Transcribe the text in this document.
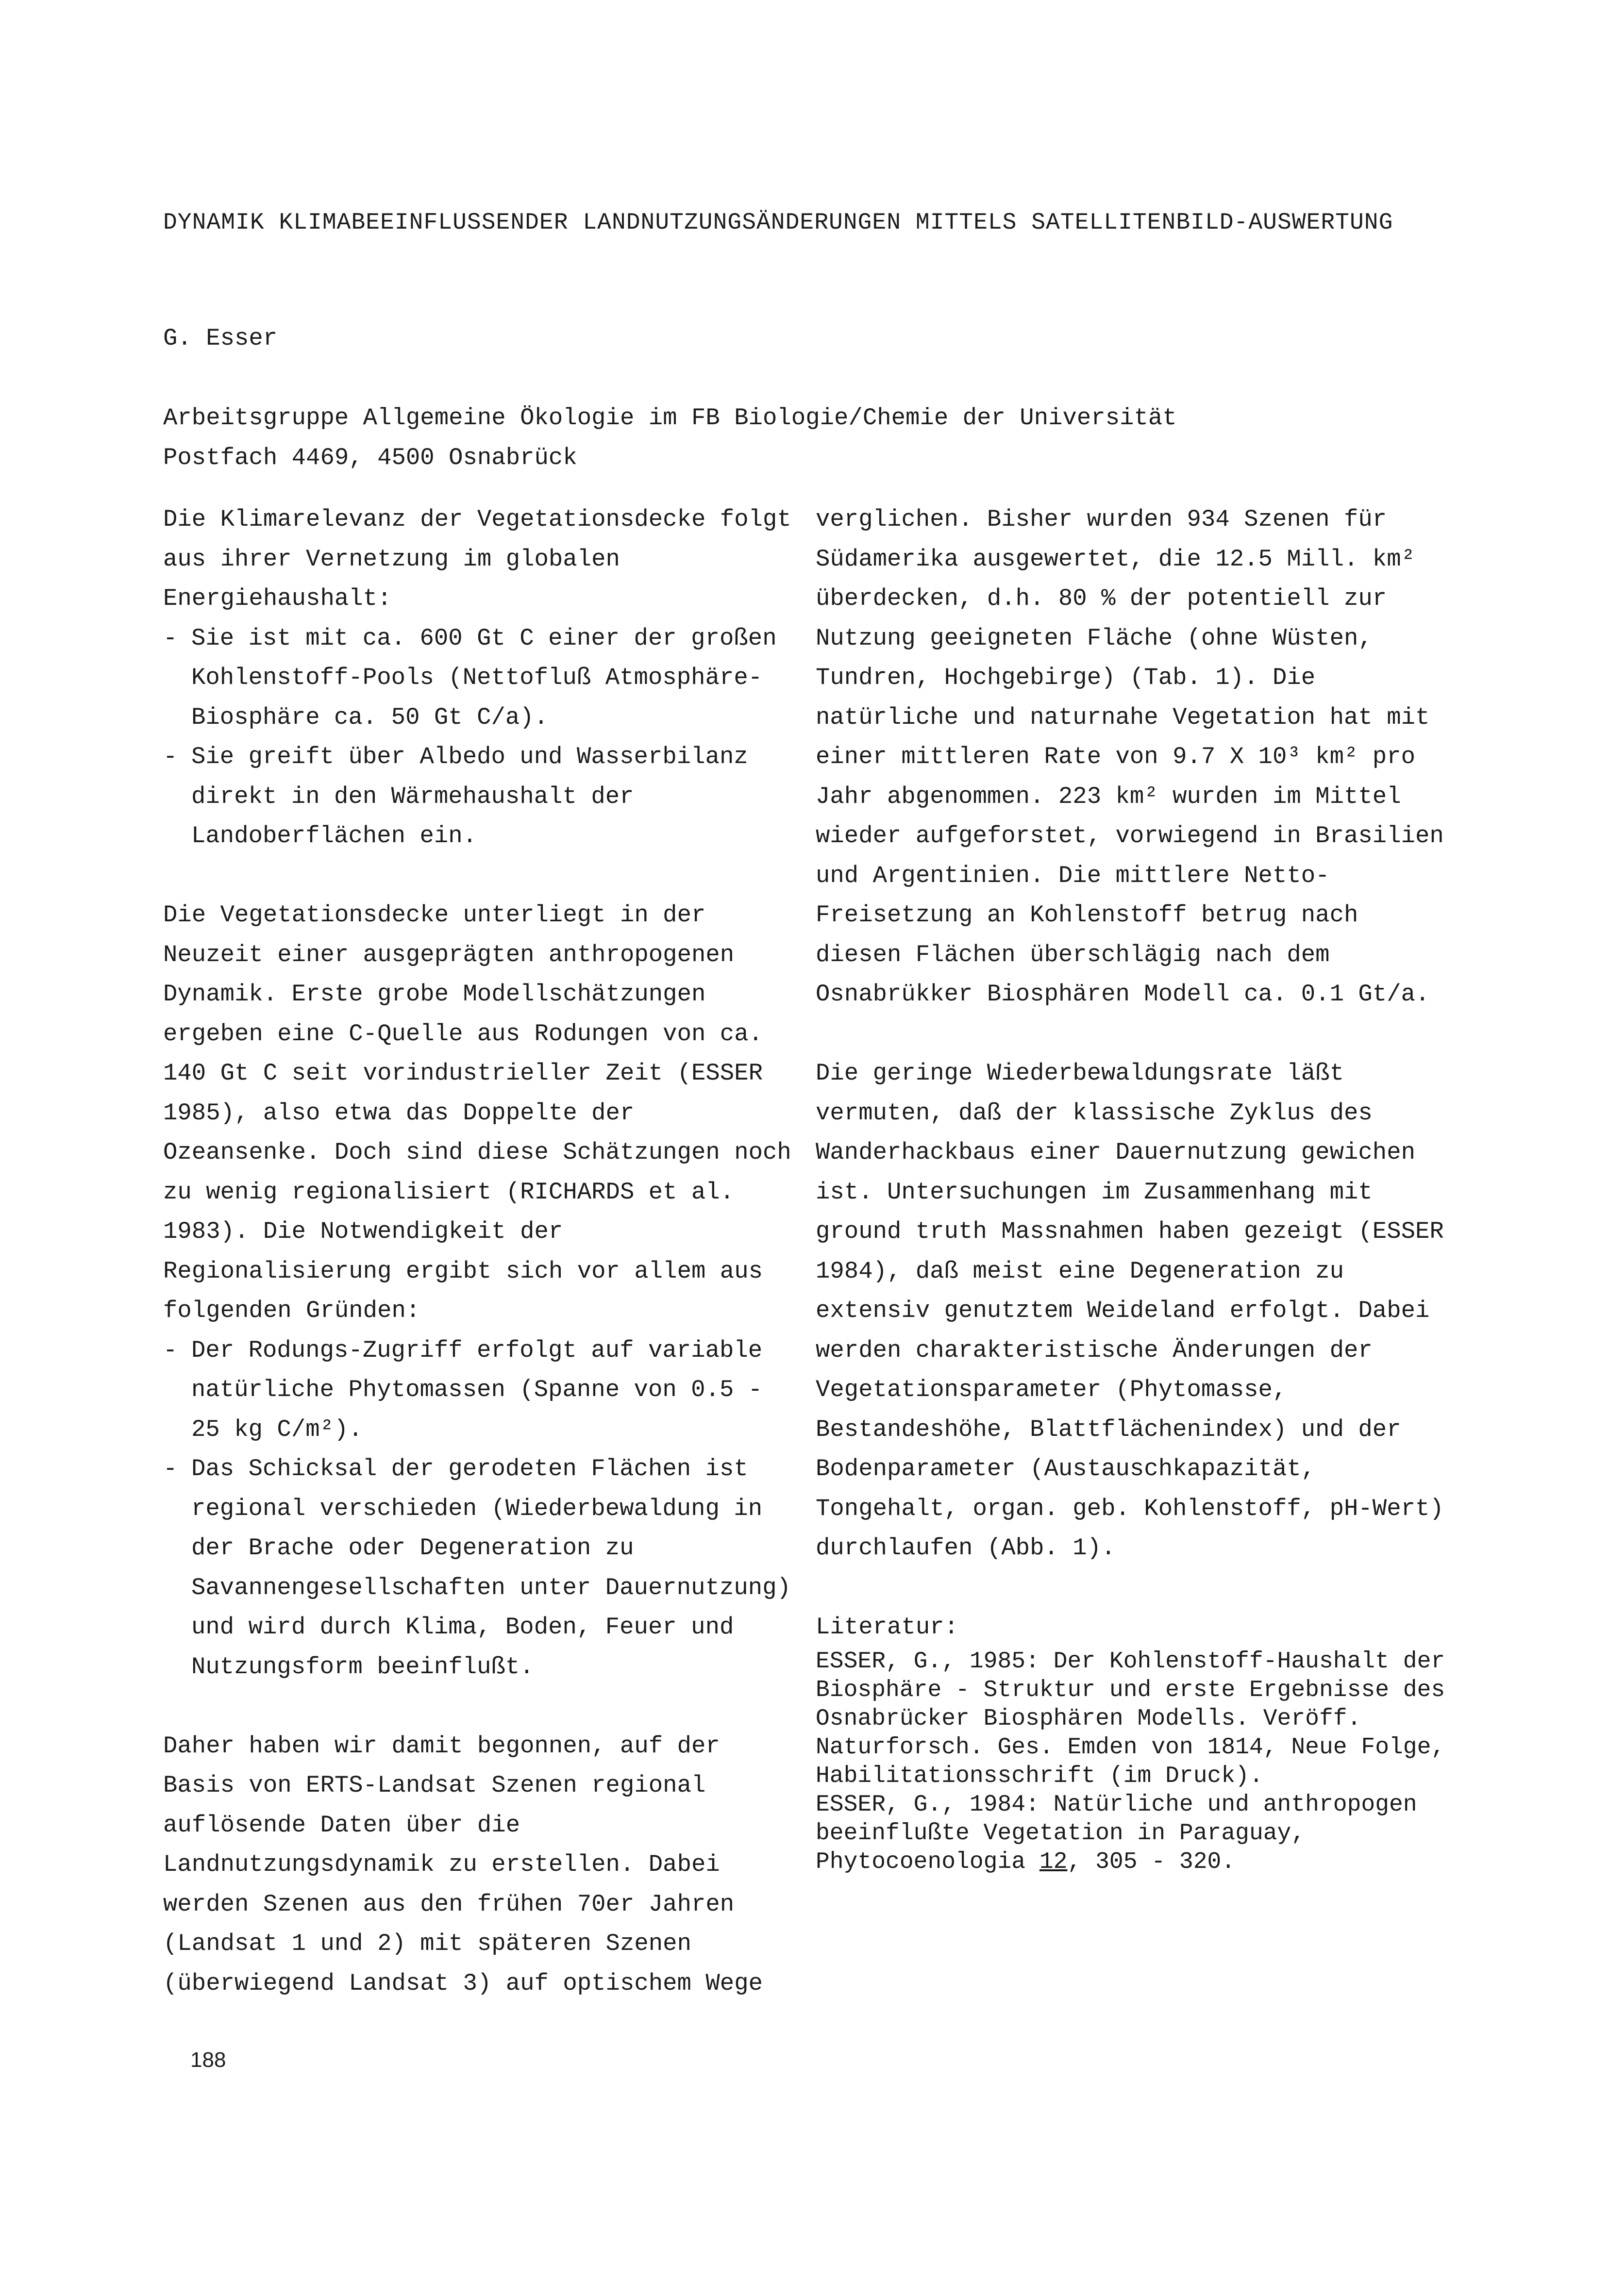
DYNAMIK KLIMABEEINFLUSSENDER LANDNUTZUNGSÄNDERUNGEN MITTELS SATELLITENBILD-AUSWERTUNG

G. Esser

Arbeitsgruppe Allgemeine Ökologie im FB Biologie/Chemie der Universität
Postfach 4469, 4500 Osnabrück

Die Klimarelevanz der Vegetationsdecke folgt aus ihrer Vernetzung im globalen Energiehaushalt:

- Sie ist mit ca. 600 Gt C einer der großen Kohlenstoff-Pools (Nettofluß Atmosphäre-Biosphäre ca. 50 Gt C/a).
- Sie greift über Albedo und Wasserbilanz direkt in den Wärmehaushalt der Landoberflächen ein.

Die Vegetationsdecke unterliegt in der Neuzeit einer ausgeprägten anthropogenen Dynamik. Erste grobe Modellschätzungen ergeben eine C-Quelle aus Rodungen von ca. 140 Gt C seit vorindustrieller Zeit (ESSER 1985), also etwa das Doppelte der Ozeansenke. Doch sind diese Schätzungen noch zu wenig regionalisiert (RICHARDS et al. 1983). Die Notwendigkeit der Regionalisierung ergibt sich vor allem aus folgenden Gründen:

- Der Rodungs-Zugriff erfolgt auf variable natürliche Phytomassen (Spanne von 0.5 - 25 kg C/m²).
- Das Schicksal der gerodeten Flächen ist regional verschieden (Wiederbewaldung in der Brache oder Degeneration zu Savannengesellschaften unter Dauernutzung) und wird durch Klima, Boden, Feuer und Nutzungsform beeinflußt.

Daher haben wir damit begonnen, auf der Basis von ERTS-Landsat Szenen regional auflösende Daten über die Landnutzungsdynamik zu erstellen. Dabei werden Szenen aus den frühen 70er Jahren (Landsat 1 und 2) mit späteren Szenen (überwiegend Landsat 3) auf optischem Wege

verglichen. Bisher wurden 934 Szenen für Südamerika ausgewertet, die 12.5 Mill. km² überdecken, d.h. 80 % der potentiell zur Nutzung geeigneten Fläche (ohne Wüsten, Tundren, Hochgebirge) (Tab. 1). Die natürliche und naturnahe Vegetation hat mit einer mittleren Rate von 9.7 X 10³ km² pro Jahr abgenommen. 223 km² wurden im Mittel wieder aufgeforstet, vorwiegend in Brasilien und Argentinien. Die mittlere Netto-Freisetzung an Kohlenstoff betrug nach diesen Flächen überschlägig nach dem Osnabrükker Biosphären Modell ca. 0.1 Gt/a.

Die geringe Wiederbewaldungsrate läßt vermuten, daß der klassische Zyklus des Wanderhackbaus einer Dauernutzung gewichen ist. Untersuchungen im Zusammenhang mit ground truth Massnahmen haben gezeigt (ESSER 1984), daß meist eine Degeneration zu extensiv genutztem Weideland erfolgt. Dabei werden charakteristische Änderungen der Vegetationsparameter (Phytomasse, Bestandeshöhe, Blattflächenindex) und der Bodenparameter (Austauschkapazität, Tongehalt, organ. geb. Kohlenstoff, pH-Wert) durchlaufen (Abb. 1).

Literatur:

ESSER, G., 1985: Der Kohlenstoff-Haushalt der Biosphäre - Struktur und erste Ergebnisse des Osnabrücker Biosphären Modells. Veröff. Naturforsch. Ges. Emden von 1814, Neue Folge, Habilitationsschrift (im Druck).

ESSER, G., 1984: Natürliche und anthropogen beeinflußte Vegetation in Paraguay, Phytocoenologia 12, 305 - 320.

188
